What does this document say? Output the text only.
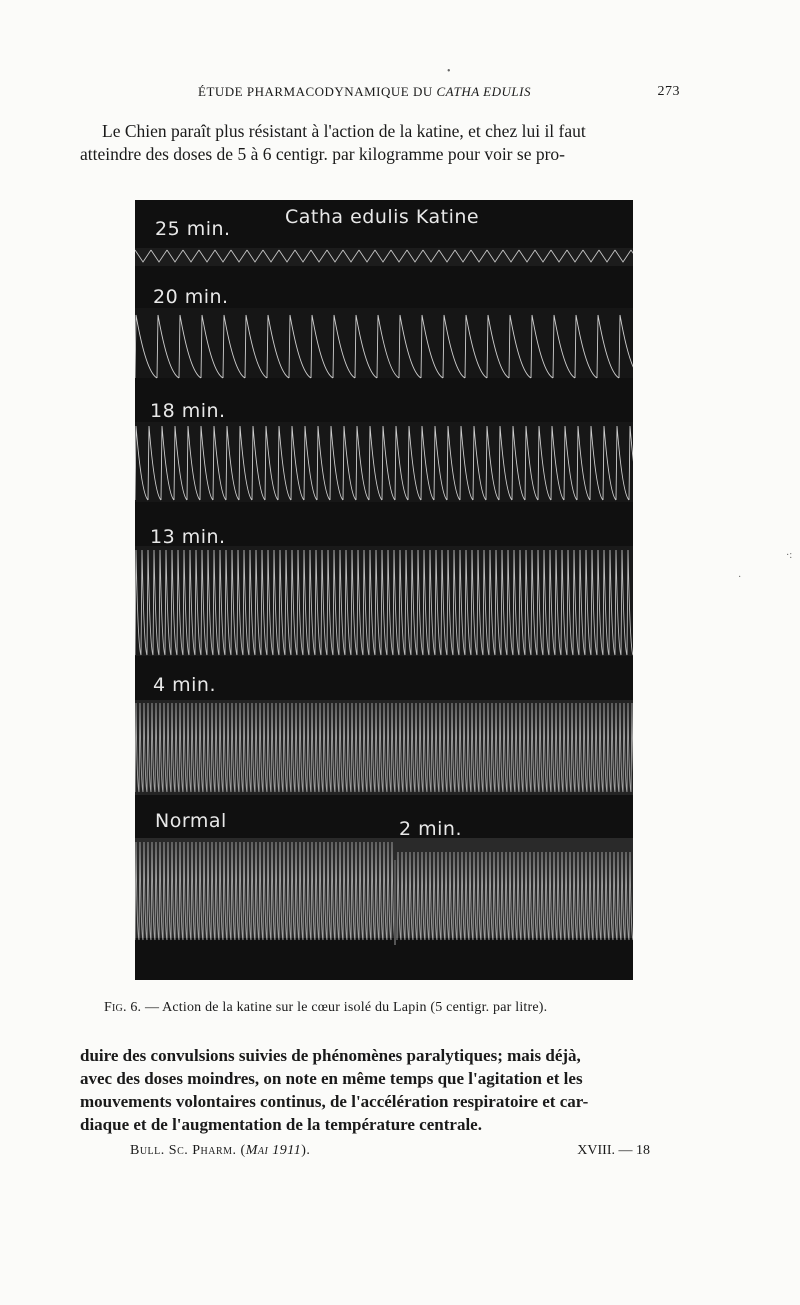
ÉTUDE PHARMACODYNAMIQUE DU CATHA EDULIS	273
Le Chien paraît plus résistant à l'action de la katine, et chez lui il faut
atteindre des doses de 5 à 6 centigr. par kilogramme pour voir se pro-
Catha edulis Katine
25 min.
20 min.
18 min.
13 min.
4 min.
Normal	2 min.
Fig. 6. — Action de la katine sur le cœur isolé du Lapin (5 centigr. par litre).
duire des convulsions suivies de phénomènes paralytiques; mais déjà,
avec des doses moindres, on note en même temps que l'agitation et les
mouvements volontaires continus, de l'accélération respiratoire et car-
diaque et de l'augmentation de la température centrale.
Bull. Sc. Pharm. (Mai 1911).	XVIII. — 18
•
·:
·
